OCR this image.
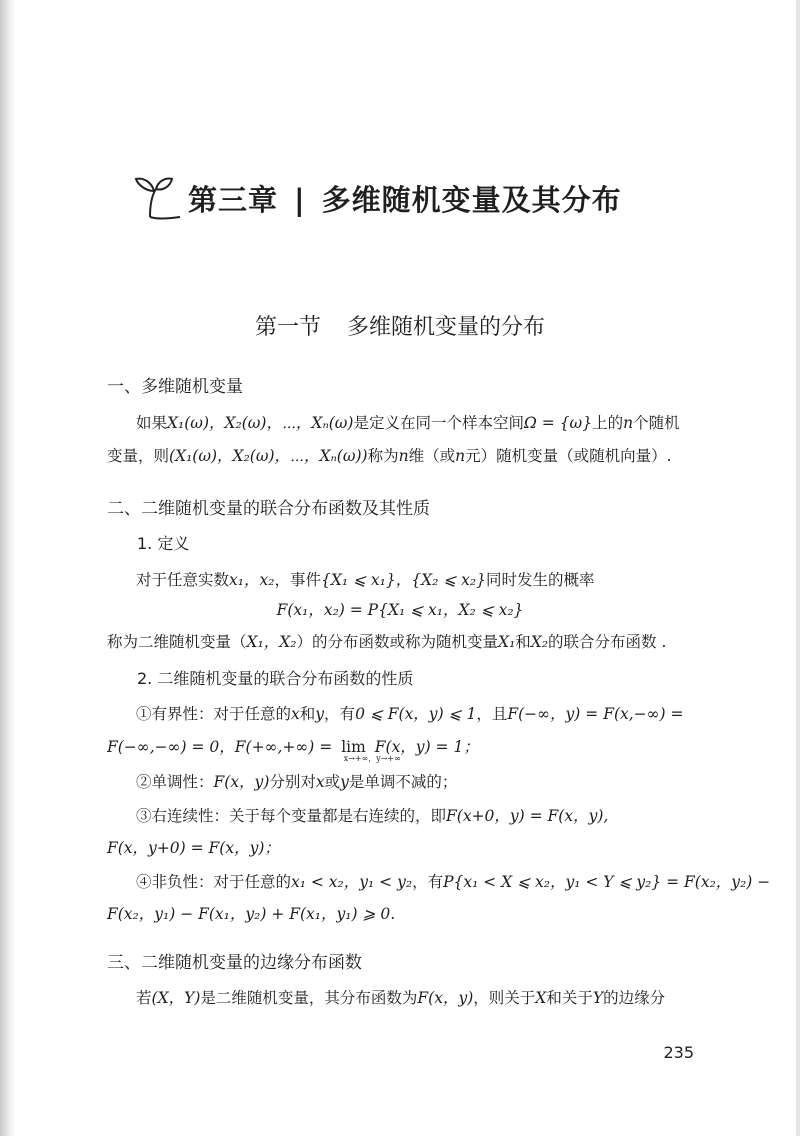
第三章 | 多维随机变量及其分布
第一节 多维随机变量的分布
一、多维随机变量
如果X₁(ω)，X₂(ω)，⋯，Xₙ(ω)是定义在同一个样本空间Ω = {ω}上的n个随机
变量，则(X₁(ω)，X₂(ω)，⋯，Xₙ(ω))称为n维（或n元）随机变量（或随机向量）.
二、二维随机变量的联合分布函数及其性质
1. 定义
对于任意实数x₁，x₂，事件{X₁ ⩽ x₁}，{X₂ ⩽ x₂}同时发生的概率
F(x₁，x₂) = P{X₁ ⩽ x₁，X₂ ⩽ x₂}
称为二维随机变量（X₁，X₂）的分布函数或称为随机变量X₁和X₂的联合分布函数 .
2. 二维随机变量的联合分布函数的性质
①有界性：对于任意的x和y，有0 ⩽ F(x，y) ⩽ 1，且F(−∞，y) = F(x,−∞) =
F(−∞,−∞) = 0，F(+∞,+∞) = lim
x→+∞，y→+∞
F(x，y) = 1；
②单调性：F(x，y)分别对x或y是单调不减的；
③右连续性：关于每个变量都是右连续的，即F(x+0，y) = F(x，y),
F(x，y+0) = F(x，y)；
④非负性：对于任意的x₁ < x₂，y₁ < y₂，有P{x₁ < X ⩽ x₂，y₁ < Y ⩽ y₂} = F(x₂，y₂) −
F(x₂，y₁) − F(x₁，y₂) + F(x₁，y₁) ⩾ 0.
三、二维随机变量的边缘分布函数
若(X，Y)是二维随机变量，其分布函数为F(x，y)，则关于X和关于Y的边缘分
235
